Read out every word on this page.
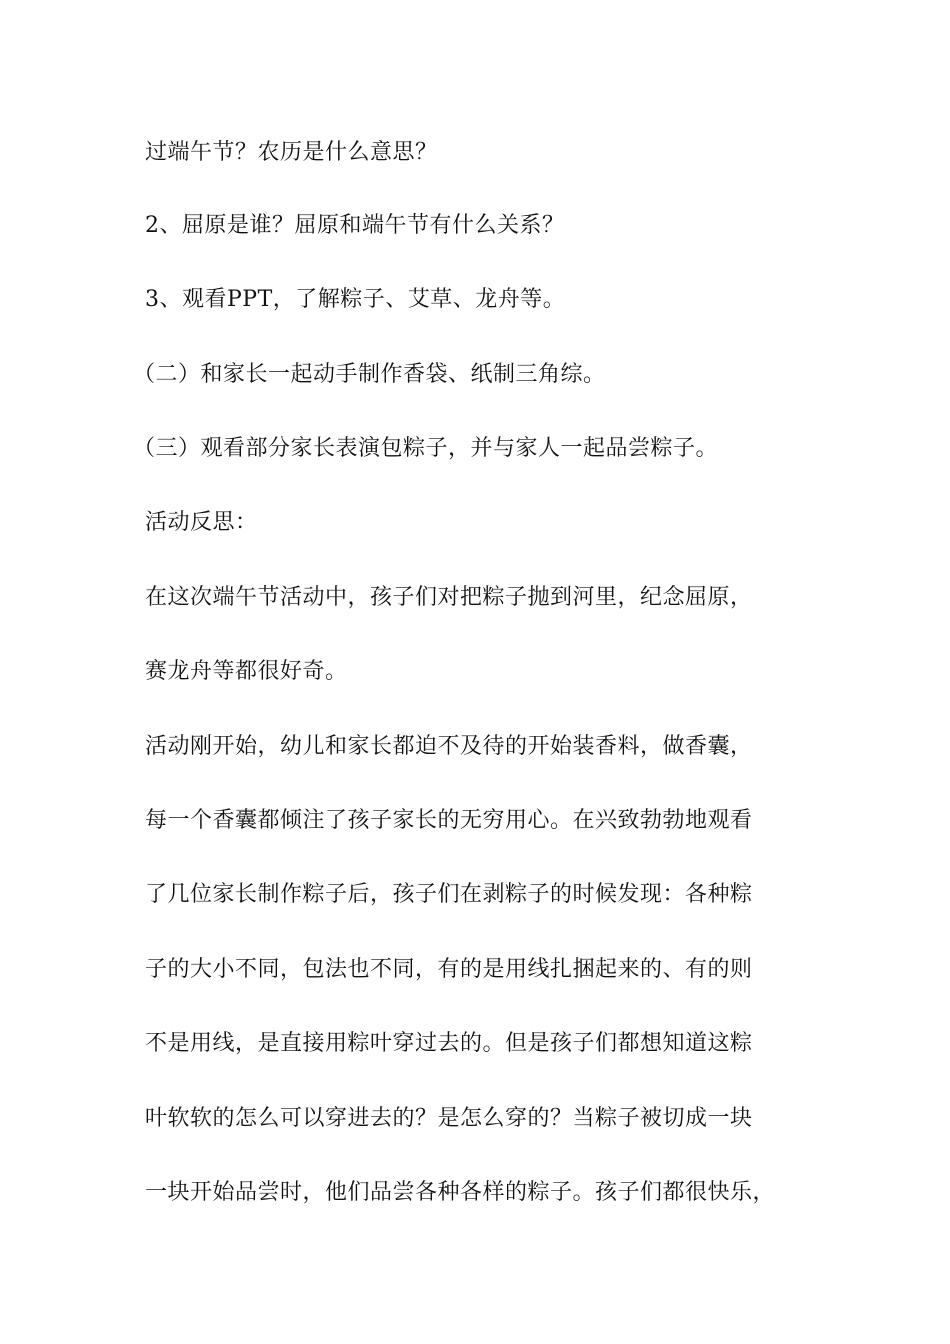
过端午节？农历是什么意思？
2、屈原是谁？屈原和端午节有什么关系？
3、观看PPT，了解粽子、艾草、龙舟等。
（二）和家长一起动手制作香袋、纸制三角综。
（三）观看部分家长表演包粽子，并与家人一起品尝粽子。
活动反思：
在这次端午节活动中，孩子们对把粽子抛到河里，纪念屈原，
赛龙舟等都很好奇。
活动刚开始，幼儿和家长都迫不及待的开始装香料，做香囊，
每一个香囊都倾注了孩子家长的无穷用心。在兴致勃勃地观看
了几位家长制作粽子后，孩子们在剥粽子的时候发现：各种粽
子的大小不同，包法也不同，有的是用线扎捆起来的、有的则
不是用线，是直接用粽叶穿过去的。但是孩子们都想知道这粽
叶软软的怎么可以穿进去的？是怎么穿的？当粽子被切成一块
一块开始品尝时，他们品尝各种各样的粽子。孩子们都很快乐，
